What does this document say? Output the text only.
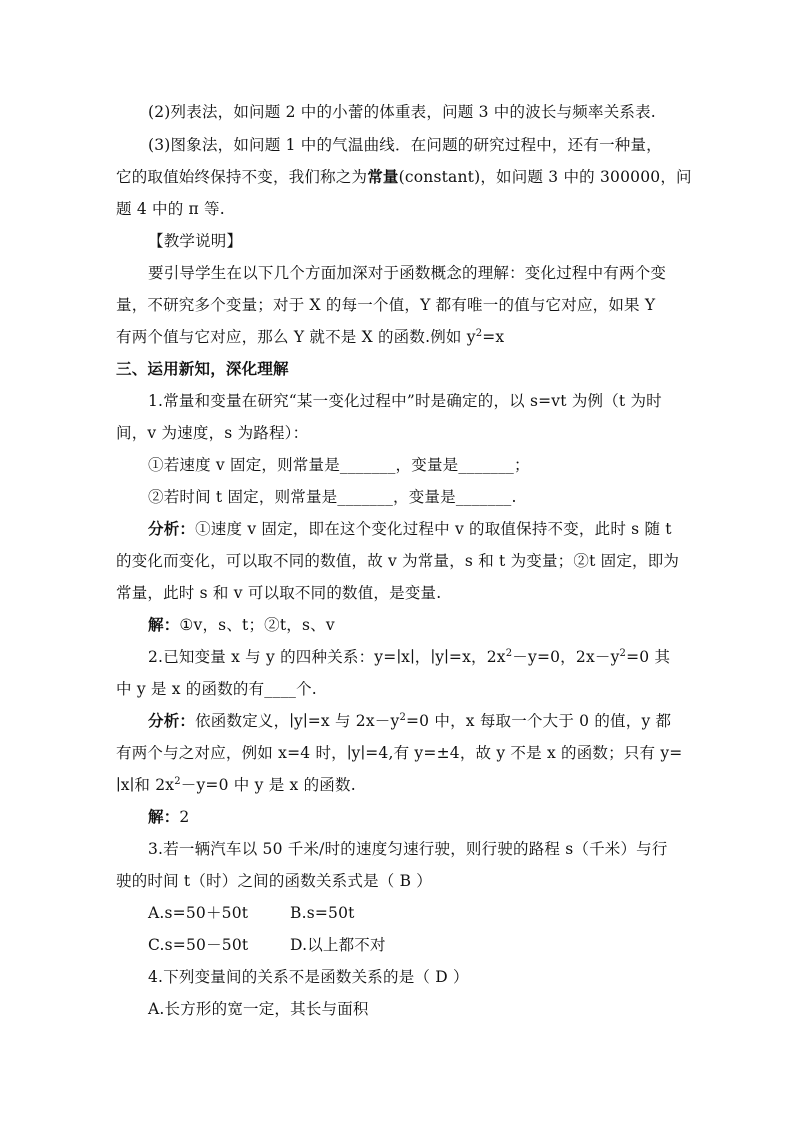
(2)列表法，如问题 2 中的小蕾的体重表，问题 3 中的波长与频率关系表.
(3)图象法，如问题 1 中的气温曲线．在问题的研究过程中，还有一种量，
它的取值始终保持不变，我们称之为常量(constant)，如问题 3 中的 300000，问
题 4 中的 π 等.
【教学说明】
要引导学生在以下几个方面加深对于函数概念的理解：变化过程中有两个变
量，不研究多个变量；对于 X 的每一个值，Y 都有唯一的值与它对应，如果 Y
有两个值与它对应，那么 Y 就不是 X 的函数.例如 $y^2=x$
三、运用新知，深化理解
1.常量和变量在研究“某一变化过程中”时是确定的，以 s=vt 为例（t 为时
间，v 为速度，s 为路程）：
①若速度 v 固定，则常量是_______，变量是_______；
②若时间 t 固定，则常量是_______，变量是_______.
分析：①速度 v 固定，即在这个变化过程中 v 的取值保持不变，此时 s 随 t
的变化而变化，可以取不同的数值，故 v 为常量，s 和 t 为变量；②t 固定，即为
常量，此时 s 和 v 可以取不同的数值，是变量.
解：①v，s、t；②t，s、v
2.已知变量 x 与 y 的四种关系：y=∣x∣，∣y∣=x，$2x^2-y=0$，$2x-y^2=0$ 其
中 y 是 x 的函数的有____个.
分析：依函数定义，∣y∣=x 与 $2x-y^2=0$ 中，x 每取一个大于 0 的值，y 都
有两个与之对应，例如 x=4 时，∣y∣=4,有 y=±4，故 y 不是 x 的函数；只有 y=
∣x∣和 $2x^2-y=0$ 中 y 是 x 的函数.
解：2
3.若一辆汽车以 50 千米/时的速度匀速行驶，则行驶的路程 s（千米）与行
驶的时间 t（时）之间的函数关系式是（ B ）
A.s=50＋50t	B.s=50t
C.s=50－50t	D.以上都不对
4.下列变量间的关系不是函数关系的是（ D ）
A.长方形的宽一定，其长与面积
